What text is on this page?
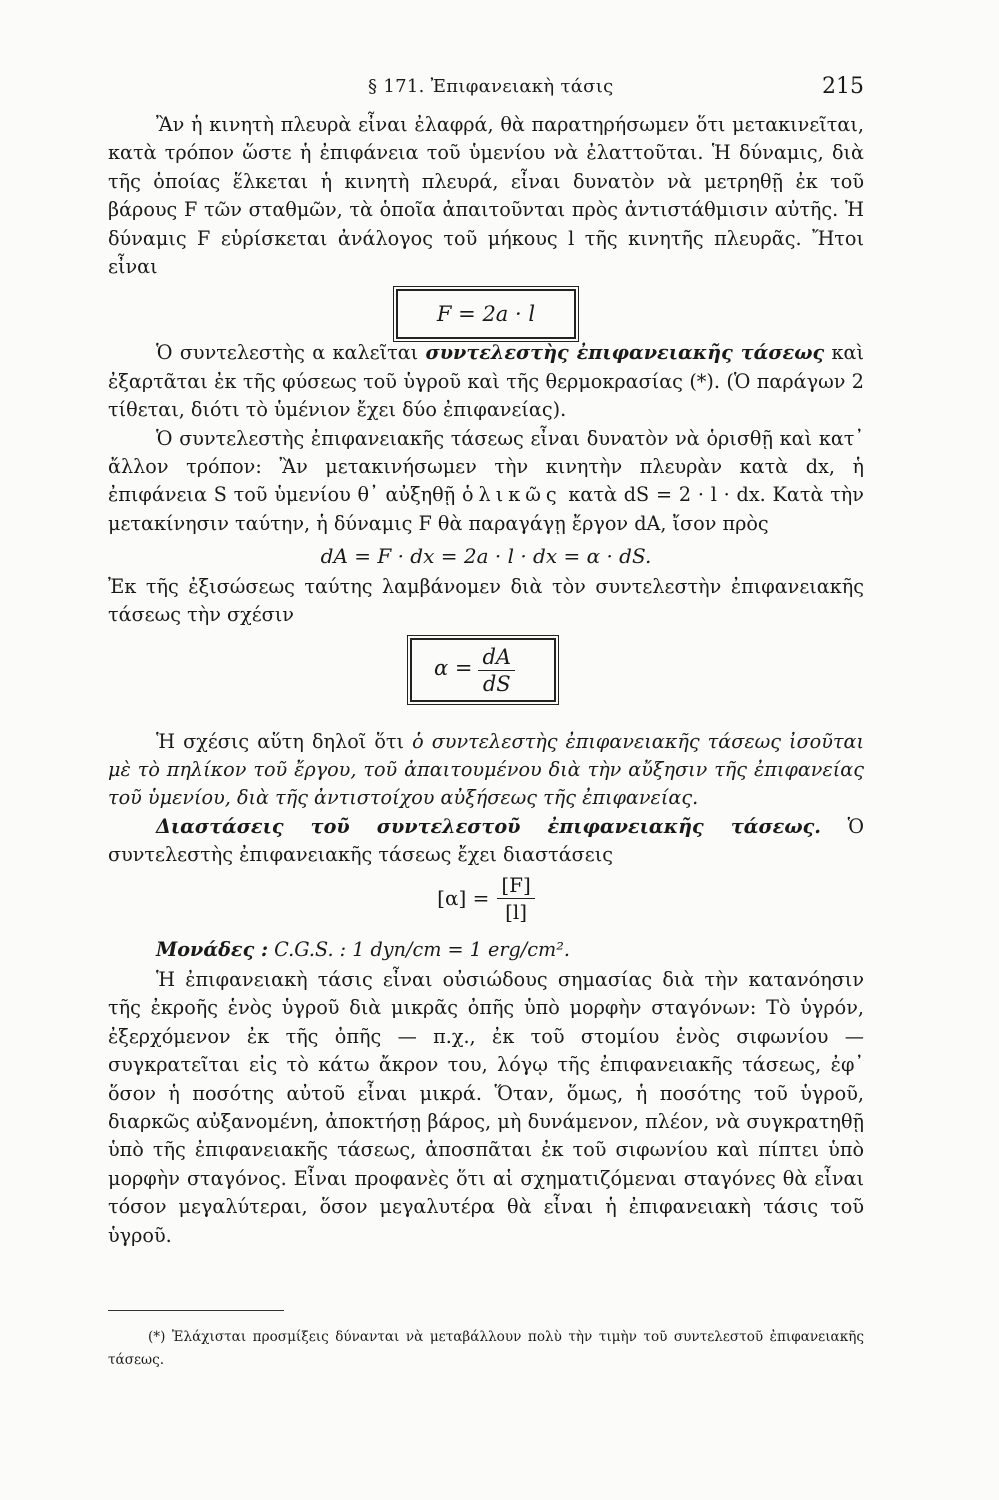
§ 171. Ἐπιφανειακὴ τάσις	215

Ἂν ἡ κινητὴ πλευρὰ εἶναι ἐλαφρά, θὰ παρατηρήσωμεν ὅτι μετακινεῖται, κατὰ τρόπον ὥστε ἡ ἐπιφάνεια τοῦ ὑμενίου νὰ ἐλαττοῦται. Ἡ δύναμις, διὰ τῆς ὁποίας ἕλκεται ἡ κινητὴ πλευρά, εἶναι δυνατὸν νὰ μετρηθῇ ἐκ τοῦ βάρους F τῶν σταθμῶν, τὰ ὁποῖα ἀπαιτοῦνται πρὸς ἀντιστάθμισιν αὐτῆς. Ἡ δύναμις F εὑρίσκεται ἀνάλογος τοῦ μήκους l τῆς κινητῆς πλευρᾶς. Ἤτοι εἶναι

F = 2a · l

Ὁ συντελεστὴς α καλεῖται συντελεστὴς ἐπιφανειακῆς τάσεως καὶ ἐξαρτᾶται ἐκ τῆς φύσεως τοῦ ὑγροῦ καὶ τῆς θερμοκρασίας (*). (Ὁ παράγων 2 τίθεται, διότι τὸ ὑμένιον ἔχει δύο ἐπιφανείας).

Ὁ συντελεστὴς ἐπιφανειακῆς τάσεως εἶναι δυνατὸν νὰ ὁρισθῇ καὶ κατ᾽ ἄλλον τρόπον: Ἂν μετακινήσωμεν τὴν κινητὴν πλευρὰν κατὰ dx, ἡ ἐπιφάνεια S τοῦ ὑμενίου θ᾽ αὐξηθῇ ὁλικῶς κατὰ dS = 2 · l · dx. Κατὰ τὴν μετακίνησιν ταύτην, ἡ δύναμις F θὰ παραγάγῃ ἔργον dA, ἴσον πρὸς

dA = F · dx = 2a · l · dx = α · dS.

Ἐκ τῆς ἐξισώσεως ταύτης λαμβάνομεν διὰ τὸν συντελεστὴν ἐπιφανειακῆς τάσεως τὴν σχέσιν

$\alpha = \frac{dA}{dS}$

Ἡ σχέσις αὕτη δηλοῖ ὅτι ὁ συντελεστὴς ἐπιφανειακῆς τάσεως ἰσοῦται μὲ τὸ πηλίκον τοῦ ἔργου, τοῦ ἀπαιτουμένου διὰ τὴν αὔξησιν τῆς ἐπιφανείας τοῦ ὑμενίου, διὰ τῆς ἀντιστοίχου αὐξήσεως τῆς ἐπιφανείας.

Διαστάσεις τοῦ συντελεστοῦ ἐπιφανειακῆς τάσεως. Ὁ συντελεστὴς ἐπιφανειακῆς τάσεως ἔχει διαστάσεις

$[\alpha] = \frac{[F]}{[l]}$

Μονάδες : C.G.S. : 1 dyn/cm = 1 erg/cm².

Ἡ ἐπιφανειακὴ τάσις εἶναι οὐσιώδους σημασίας διὰ τὴν κατανόησιν τῆς ἐκροῆς ἑνὸς ὑγροῦ διὰ μικρᾶς ὀπῆς ὑπὸ μορφὴν σταγόνων: Τὸ ὑγρόν, ἐξερχόμενον ἐκ τῆς ὀπῆς — π.χ., ἐκ τοῦ στομίου ἑνὸς σιφωνίου — συγκρατεῖται εἰς τὸ κάτω ἄκρον του, λόγῳ τῆς ἐπιφανειακῆς τάσεως, ἐφ᾽ ὅσον ἡ ποσότης αὐτοῦ εἶναι μικρά. Ὅταν, ὅμως, ἡ ποσότης τοῦ ὑγροῦ, διαρκῶς αὐξανομένη, ἀποκτήσῃ βάρος, μὴ δυνάμενον, πλέον, νὰ συγκρατηθῇ ὑπὸ τῆς ἐπιφανειακῆς τάσεως, ἀποσπᾶται ἐκ τοῦ σιφωνίου καὶ πίπτει ὑπὸ μορφὴν σταγόνος. Εἶναι προφανὲς ὅτι αἱ σχηματιζόμεναι σταγόνες θὰ εἶναι τόσον μεγαλύτεραι, ὅσον μεγαλυτέρα θὰ εἶναι ἡ ἐπιφανειακὴ τάσις τοῦ ὑγροῦ.

(*) Ἐλάχισται προσμίξεις δύνανται νὰ μεταβάλλουν πολὺ τὴν τιμὴν τοῦ συντελεστοῦ ἐπιφανειακῆς τάσεως.
